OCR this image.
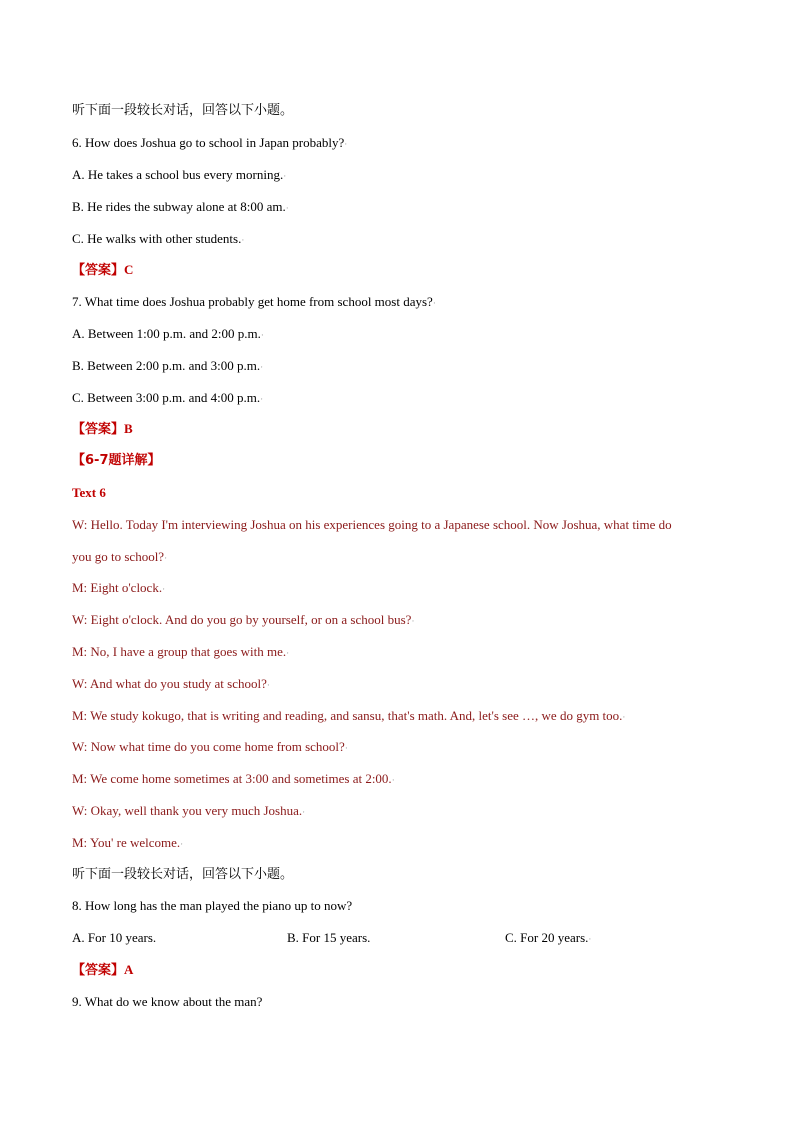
听下面一段较长对话，回答以下小题。
6. How does Joshua go to school in Japan probably?·
A. He takes a school bus every morning.·
B. He rides the subway alone at 8:00 am.·
C. He walks with other students.·
【答案】C
7. What time does Joshua probably get home from school most days?·
A. Between 1:00 p.m. and 2:00 p.m.·
B. Between 2:00 p.m. and 3:00 p.m.·
C. Between 3:00 p.m. and 4:00 p.m.·
【答案】B
【6-7题详解】
Text 6
W: Hello. Today I'm interviewing Joshua on his experiences going to a Japanese school. Now Joshua, what time do
you go to school?·
M: Eight o'clock.·
W: Eight o'clock. And do you go by yourself, or on a school bus?·
M: No, I have a group that goes with me.·
W: And what do you study at school?·
M: We study kokugo, that is writing and reading, and sansu, that's math. And, let's see …, we do gym too.·
W: Now what time do you come home from school?·
M: We come home sometimes at 3:00 and sometimes at 2:00.·
W: Okay, well thank you very much Joshua.·
M: You' re welcome.·
听下面一段较长对话，回答以下小题。
8. How long has the man played the piano up to now?
A. For 10 years.	B. For 15 years.	C. For 20 years.·
【答案】A
9. What do we know about the man?
